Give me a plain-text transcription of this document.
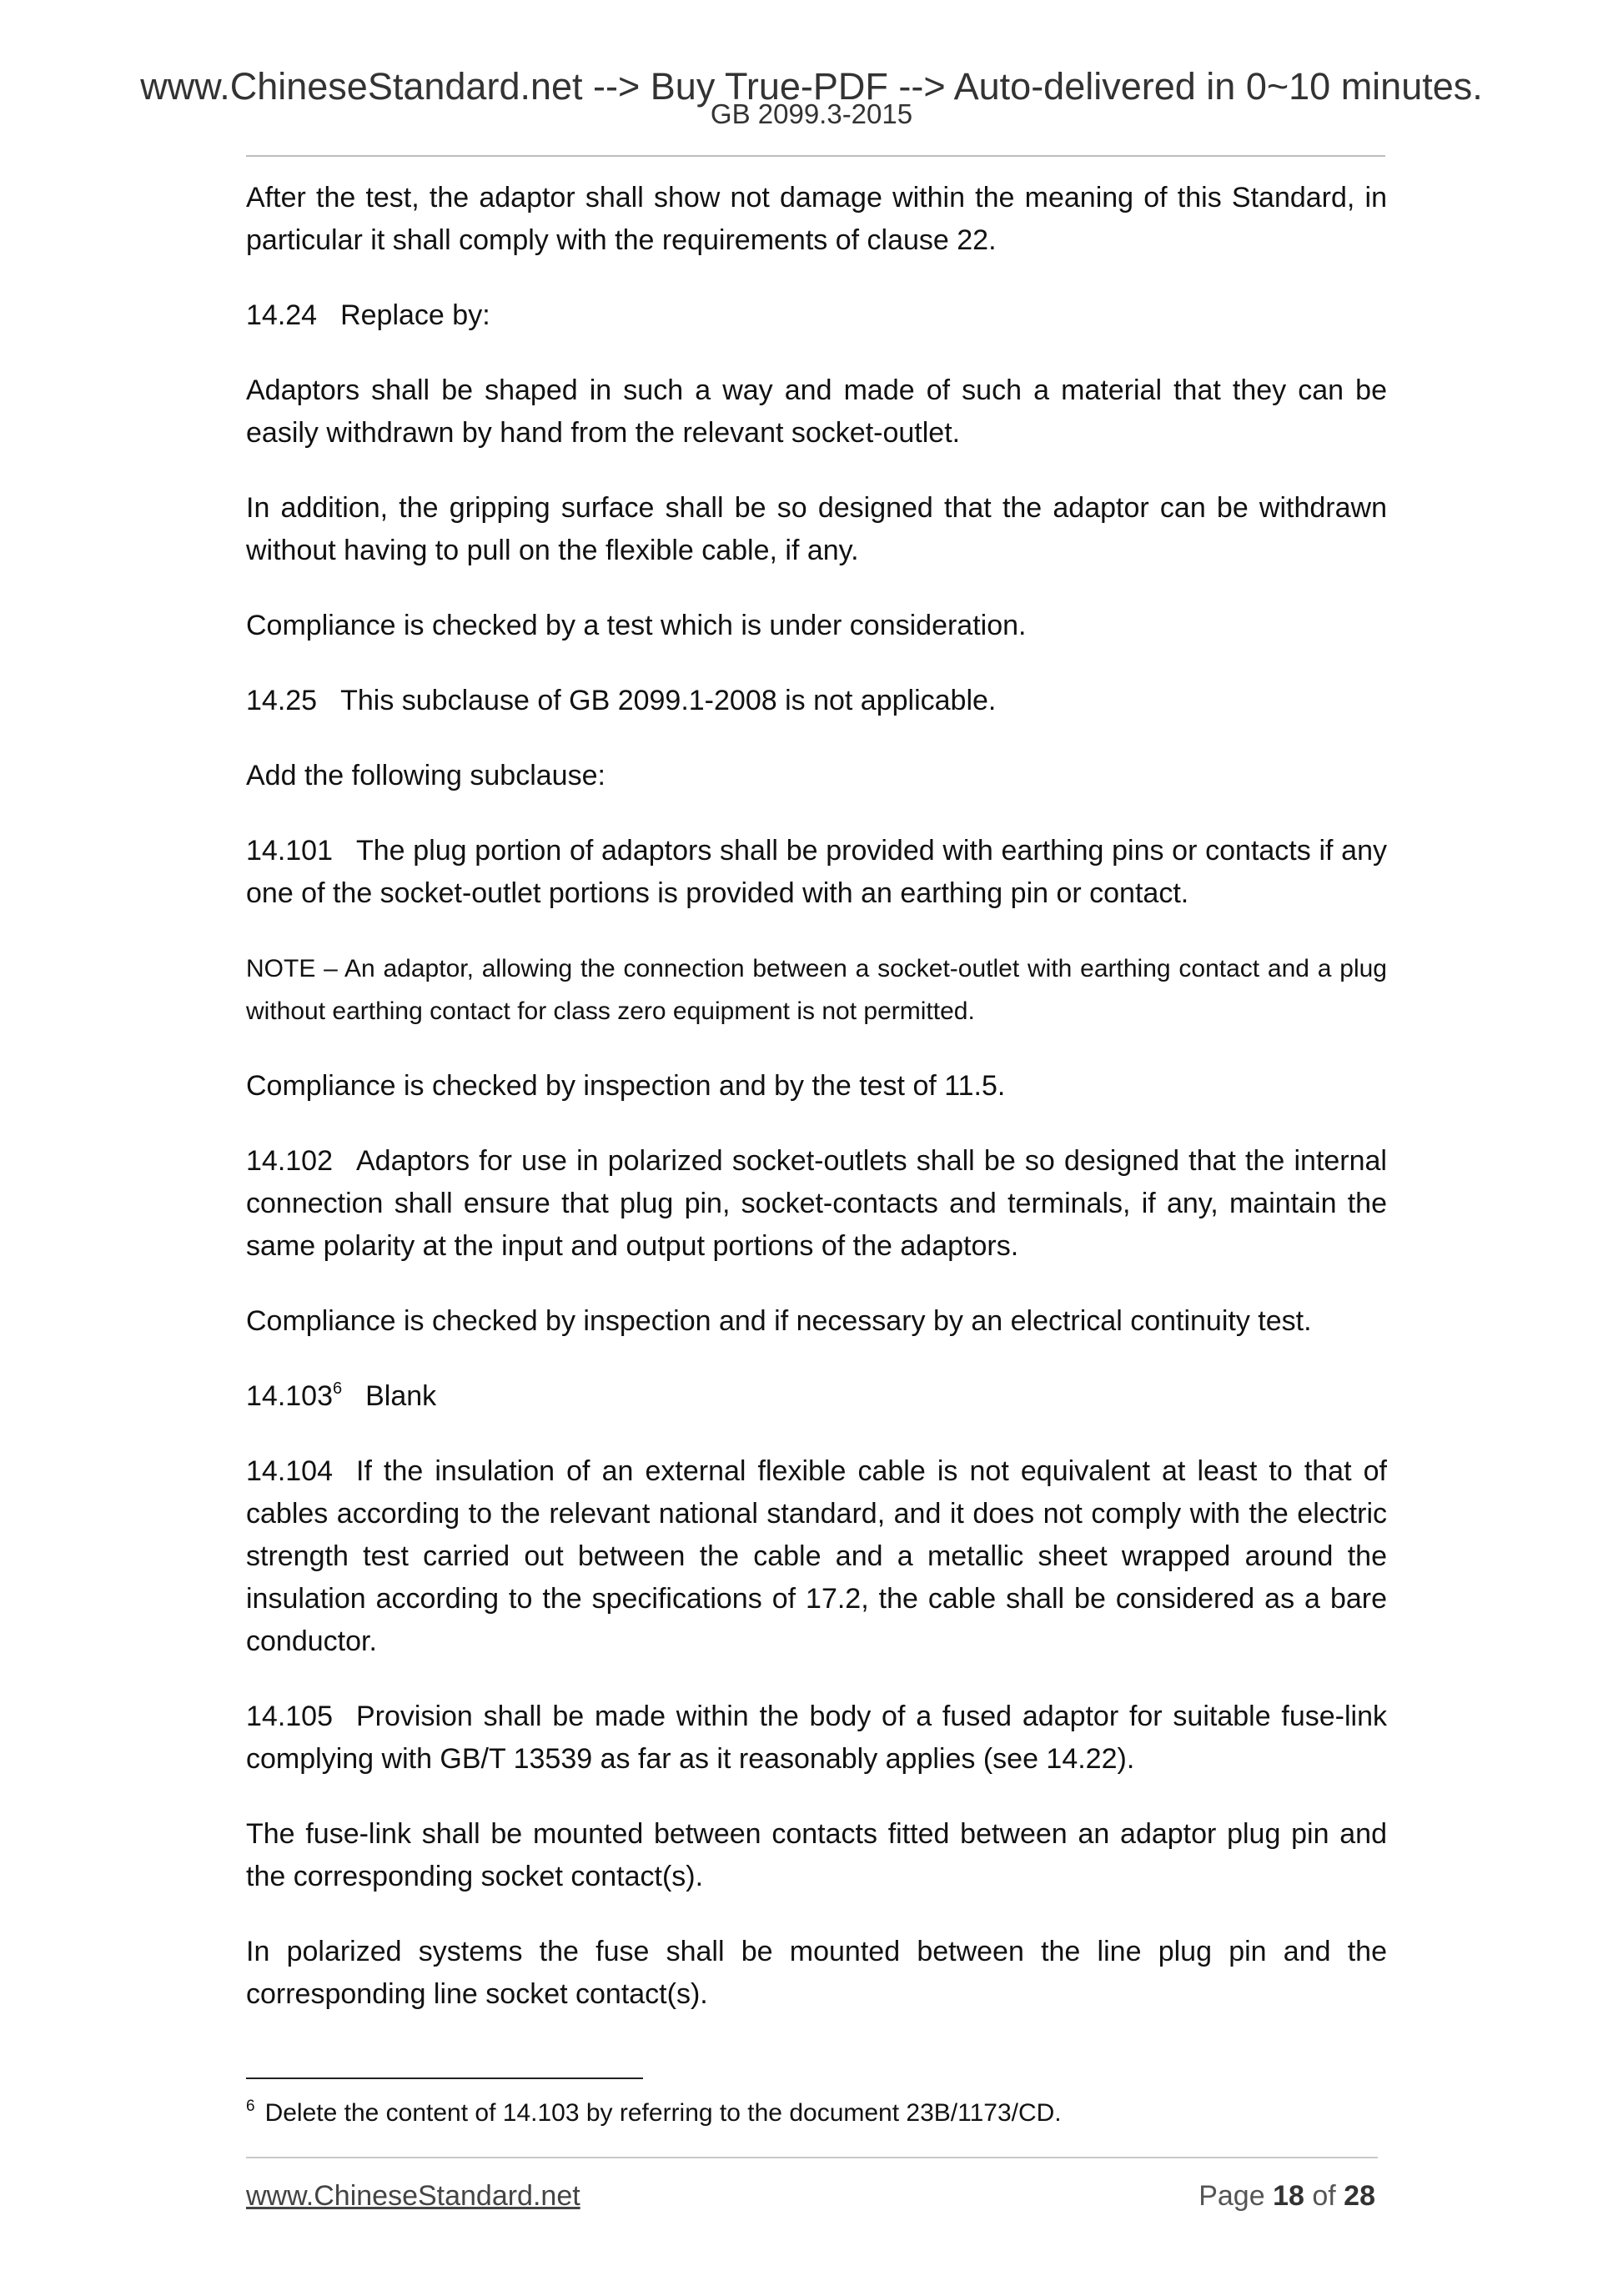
www.ChineseStandard.net --> Buy True-PDF --> Auto-delivered in 0~10 minutes.
GB 2099.3-2015

After the test, the adaptor shall show not damage within the meaning of this Standard, in particular it shall comply with the requirements of clause 22.

14.24 Replace by:

Adaptors shall be shaped in such a way and made of such a material that they can be easily withdrawn by hand from the relevant socket-outlet.

In addition, the gripping surface shall be so designed that the adaptor can be withdrawn without having to pull on the flexible cable, if any.

Compliance is checked by a test which is under consideration.

14.25 This subclause of GB 2099.1-2008 is not applicable.

Add the following subclause:

14.101 The plug portion of adaptors shall be provided with earthing pins or contacts if any one of the socket-outlet portions is provided with an earthing pin or contact.

NOTE – An adaptor, allowing the connection between a socket-outlet with earthing contact and a plug without earthing contact for class zero equipment is not permitted.

Compliance is checked by inspection and by the test of 11.5.

14.102 Adaptors for use in polarized socket-outlets shall be so designed that the internal connection shall ensure that plug pin, socket-contacts and terminals, if any, maintain the same polarity at the input and output portions of the adaptors.

Compliance is checked by inspection and if necessary by an electrical continuity test.

14.103$^6$ Blank

14.104 If the insulation of an external flexible cable is not equivalent at least to that of cables according to the relevant national standard, and it does not comply with the electric strength test carried out between the cable and a metallic sheet wrapped around the insulation according to the specifications of 17.2, the cable shall be considered as a bare conductor.

14.105 Provision shall be made within the body of a fused adaptor for suitable fuse-link complying with GB/T 13539 as far as it reasonably applies (see 14.22).

The fuse-link shall be mounted between contacts fitted between an adaptor plug pin and the corresponding socket contact(s).

In polarized systems the fuse shall be mounted between the line plug pin and the corresponding line socket contact(s).

$^6$ Delete the content of 14.103 by referring to the document 23B/1173/CD.
www.ChineseStandard.net	Page 18 of 28
